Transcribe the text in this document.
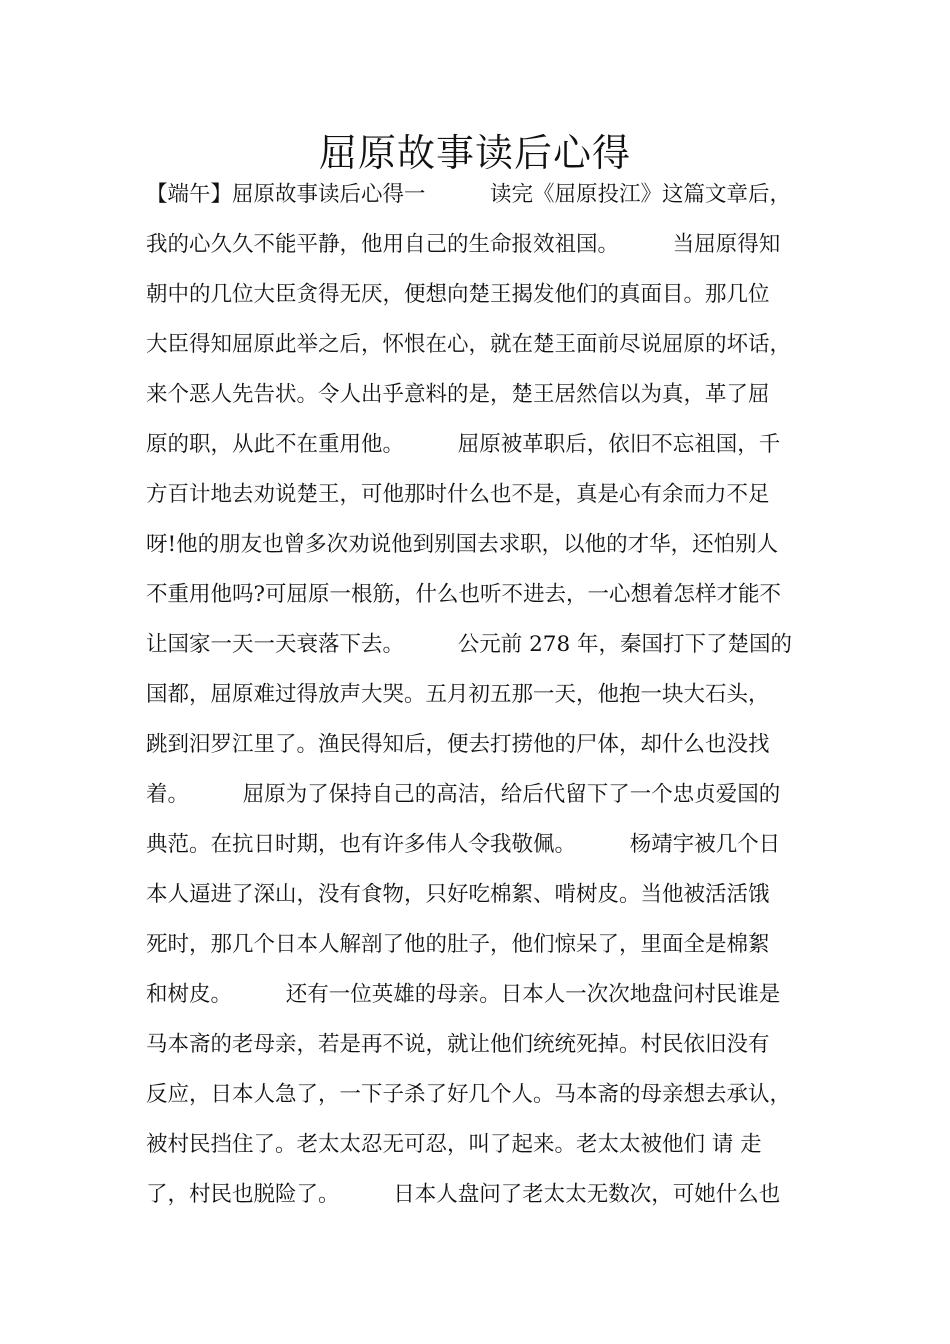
屈原故事读后心得
【端午】屈原故事读后心得一　　　读完《屈原投江》这篇文章后，
我的心久久不能平静，他用自己的生命报效祖国。　　　当屈原得知
朝中的几位大臣贪得无厌，便想向楚王揭发他们的真面目。那几位
大臣得知屈原此举之后，怀恨在心，就在楚王面前尽说屈原的坏话，
来个恶人先告状。令人出乎意料的是，楚王居然信以为真，革了屈
原的职，从此不在重用他。　　　屈原被革职后，依旧不忘祖国，千
方百计地去劝说楚王，可他那时什么也不是，真是心有余而力不足
呀!他的朋友也曾多次劝说他到别国去求职，以他的才华，还怕别人
不重用他吗?可屈原一根筋，什么也听不进去，一心想着怎样才能不
让国家一天一天衰落下去。　　　公元前 278 年，秦国打下了楚国的
国都，屈原难过得放声大哭。五月初五那一天，他抱一块大石头，
跳到汨罗江里了。渔民得知后，便去打捞他的尸体，却什么也没找
着。　　　屈原为了保持自己的高洁，给后代留下了一个忠贞爱国的
典范。在抗日时期，也有许多伟人令我敬佩。　　　杨靖宇被几个日
本人逼进了深山，没有食物，只好吃棉絮、啃树皮。当他被活活饿
死时，那几个日本人解剖了他的肚子，他们惊呆了，里面全是棉絮
和树皮。　　　还有一位英雄的母亲。日本人一次次地盘问村民谁是
马本斋的老母亲，若是再不说，就让他们统统死掉。村民依旧没有
反应，日本人急了，一下子杀了好几个人。马本斋的母亲想去承认，
被村民挡住了。老太太忍无可忍，叫了起来。老太太被他们 请 走
了，村民也脱险了。　　　日本人盘问了老太太无数次，可她什么也
